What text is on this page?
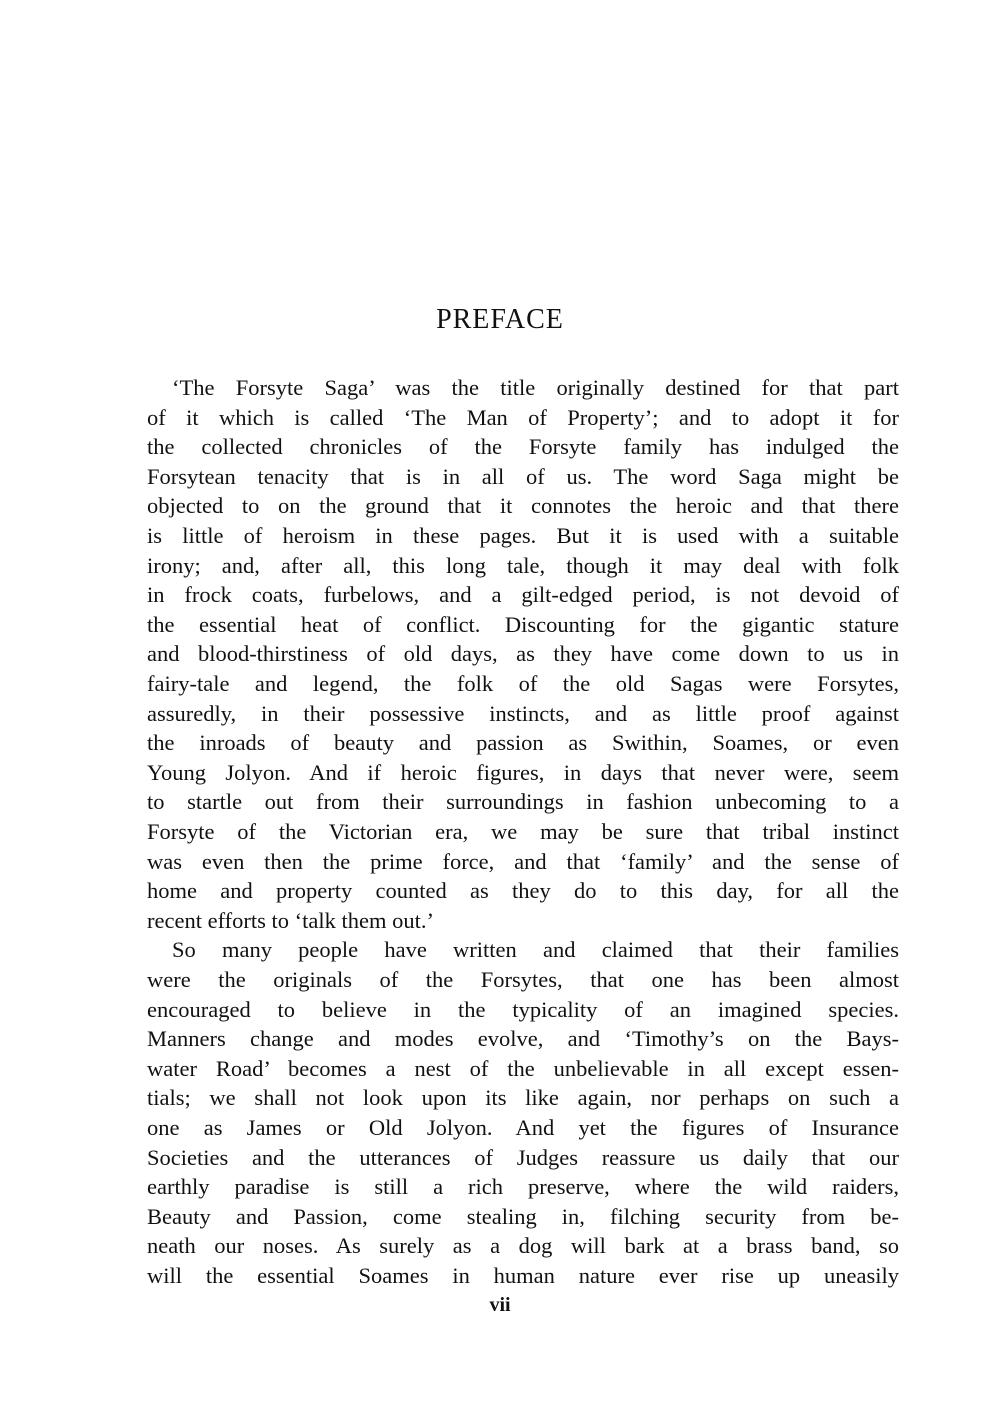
PREFACE
‘The Forsyte Saga’ was the title originally destined for that part
of it which is called ‘The Man of Property’; and to adopt it for
the collected chronicles of the Forsyte family has indulged the
Forsytean tenacity that is in all of us. The word Saga might be
objected to on the ground that it connotes the heroic and that there
is little of heroism in these pages. But it is used with a suitable
irony; and, after all, this long tale, though it may deal with folk
in frock coats, furbelows, and a gilt-edged period, is not devoid of
the essential heat of conflict. Discounting for the gigantic stature
and blood-thirstiness of old days, as they have come down to us in
fairy-tale and legend, the folk of the old Sagas were Forsytes,
assuredly, in their possessive instincts, and as little proof against
the inroads of beauty and passion as Swithin, Soames, or even
Young Jolyon. And if heroic figures, in days that never were, seem
to startle out from their surroundings in fashion unbecoming to a
Forsyte of the Victorian era, we may be sure that tribal instinct
was even then the prime force, and that ‘family’ and the sense of
home and property counted as they do to this day, for all the
recent efforts to ‘talk them out.’
So many people have written and claimed that their families
were the originals of the Forsytes, that one has been almost
encouraged to believe in the typicality of an imagined species.
Manners change and modes evolve, and ‘Timothy’s on the Bays-
water Road’ becomes a nest of the unbelievable in all except essen-
tials; we shall not look upon its like again, nor perhaps on such a
one as James or Old Jolyon. And yet the figures of Insurance
Societies and the utterances of Judges reassure us daily that our
earthly paradise is still a rich preserve, where the wild raiders,
Beauty and Passion, come stealing in, filching security from be-
neath our noses. As surely as a dog will bark at a brass band, so
will the essential Soames in human nature ever rise up uneasily
vii
